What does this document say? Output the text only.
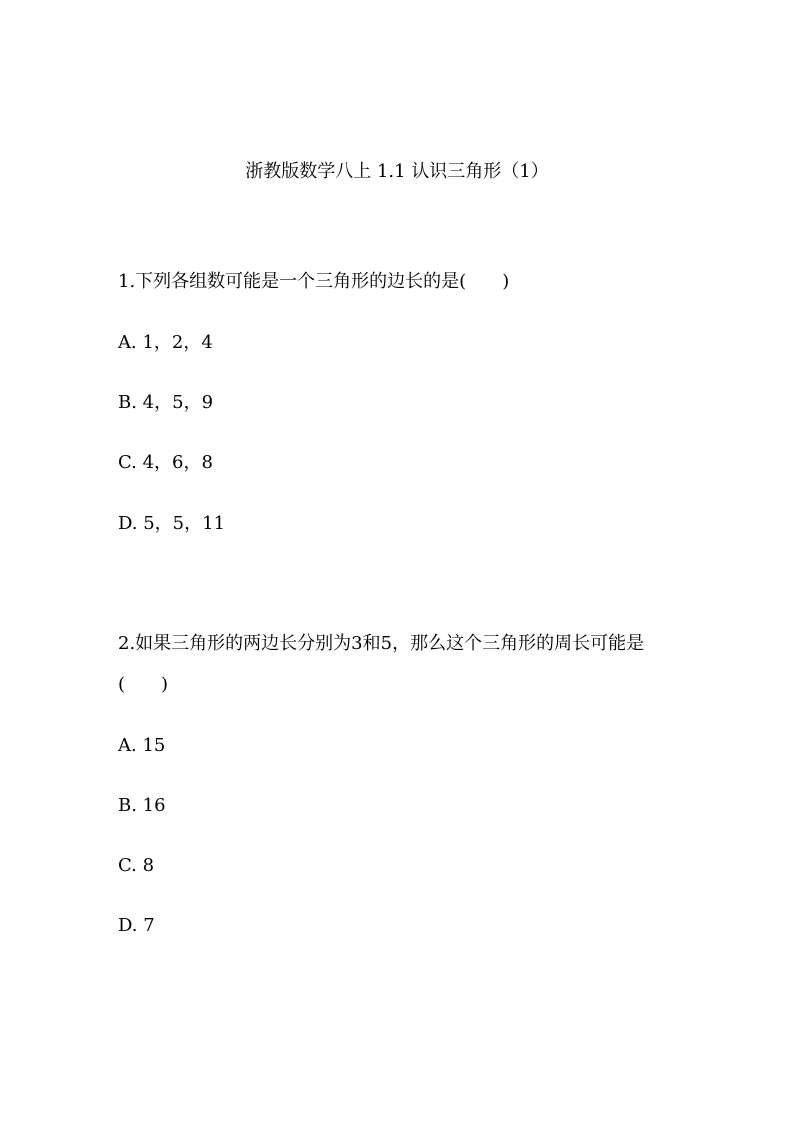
浙教版数学八上 1.1 认识三角形（1）
1.下列各组数可能是一个三角形的边长的是(　　)
A. 1，2，4
B. 4，5，9
C. 4，6，8
D. 5，5，11
2.如果三角形的两边长分别为3和5，那么这个三角形的周长可能是
(　　)
A. 15
B. 16
C. 8
D. 7
